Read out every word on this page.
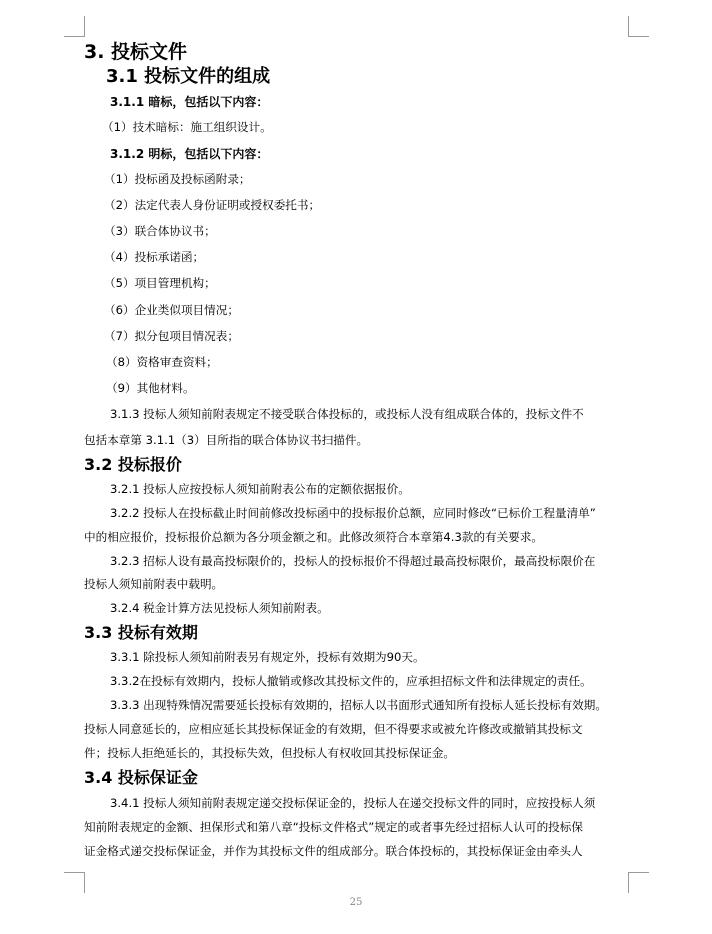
3. 投标文件
3.1 投标文件的组成
3.1.1 暗标，包括以下内容：
（1）技术暗标：施工组织设计。
3.1.2 明标，包括以下内容：
（1）投标函及投标函附录；
（2）法定代表人身份证明或授权委托书；
（3）联合体协议书；
（4）投标承诺函；
（5）项目管理机构；
（6）企业类似项目情况；
（7）拟分包项目情况表；
（8）资格审查资料；
（9）其他材料。
3.1.3 投标人须知前附表规定不接受联合体投标的，或投标人没有组成联合体的，投标文件不
包括本章第 3.1.1（3）目所指的联合体协议书扫描件。
3.2 投标报价
3.2.1 投标人应按投标人须知前附表公布的定额依据报价。
3.2.2 投标人在投标截止时间前修改投标函中的投标报价总额，应同时修改“已标价工程量清单”
中的相应报价，投标报价总额为各分项金额之和。此修改须符合本章第4.3款的有关要求。
3.2.3 招标人设有最高投标限价的，投标人的投标报价不得超过最高投标限价，最高投标限价在
投标人须知前附表中载明。
3.2.4 税金计算方法见投标人须知前附表。
3.3 投标有效期
3.3.1 除投标人须知前附表另有规定外，投标有效期为90天。
3.3.2在投标有效期内，投标人撤销或修改其投标文件的，应承担招标文件和法律规定的责任。
3.3.3 出现特殊情况需要延长投标有效期的，招标人以书面形式通知所有投标人延长投标有效期。
投标人同意延长的，应相应延长其投标保证金的有效期，但不得要求或被允许修改或撤销其投标文
件；投标人拒绝延长的，其投标失效，但投标人有权收回其投标保证金。
3.4 投标保证金
3.4.1 投标人须知前附表规定递交投标保证金的，投标人在递交投标文件的同时，应按投标人须
知前附表规定的金额、担保形式和第八章“投标文件格式”规定的或者事先经过招标人认可的投标保
证金格式递交投标保证金，并作为其投标文件的组成部分。联合体投标的，其投标保证金由牵头人
25
